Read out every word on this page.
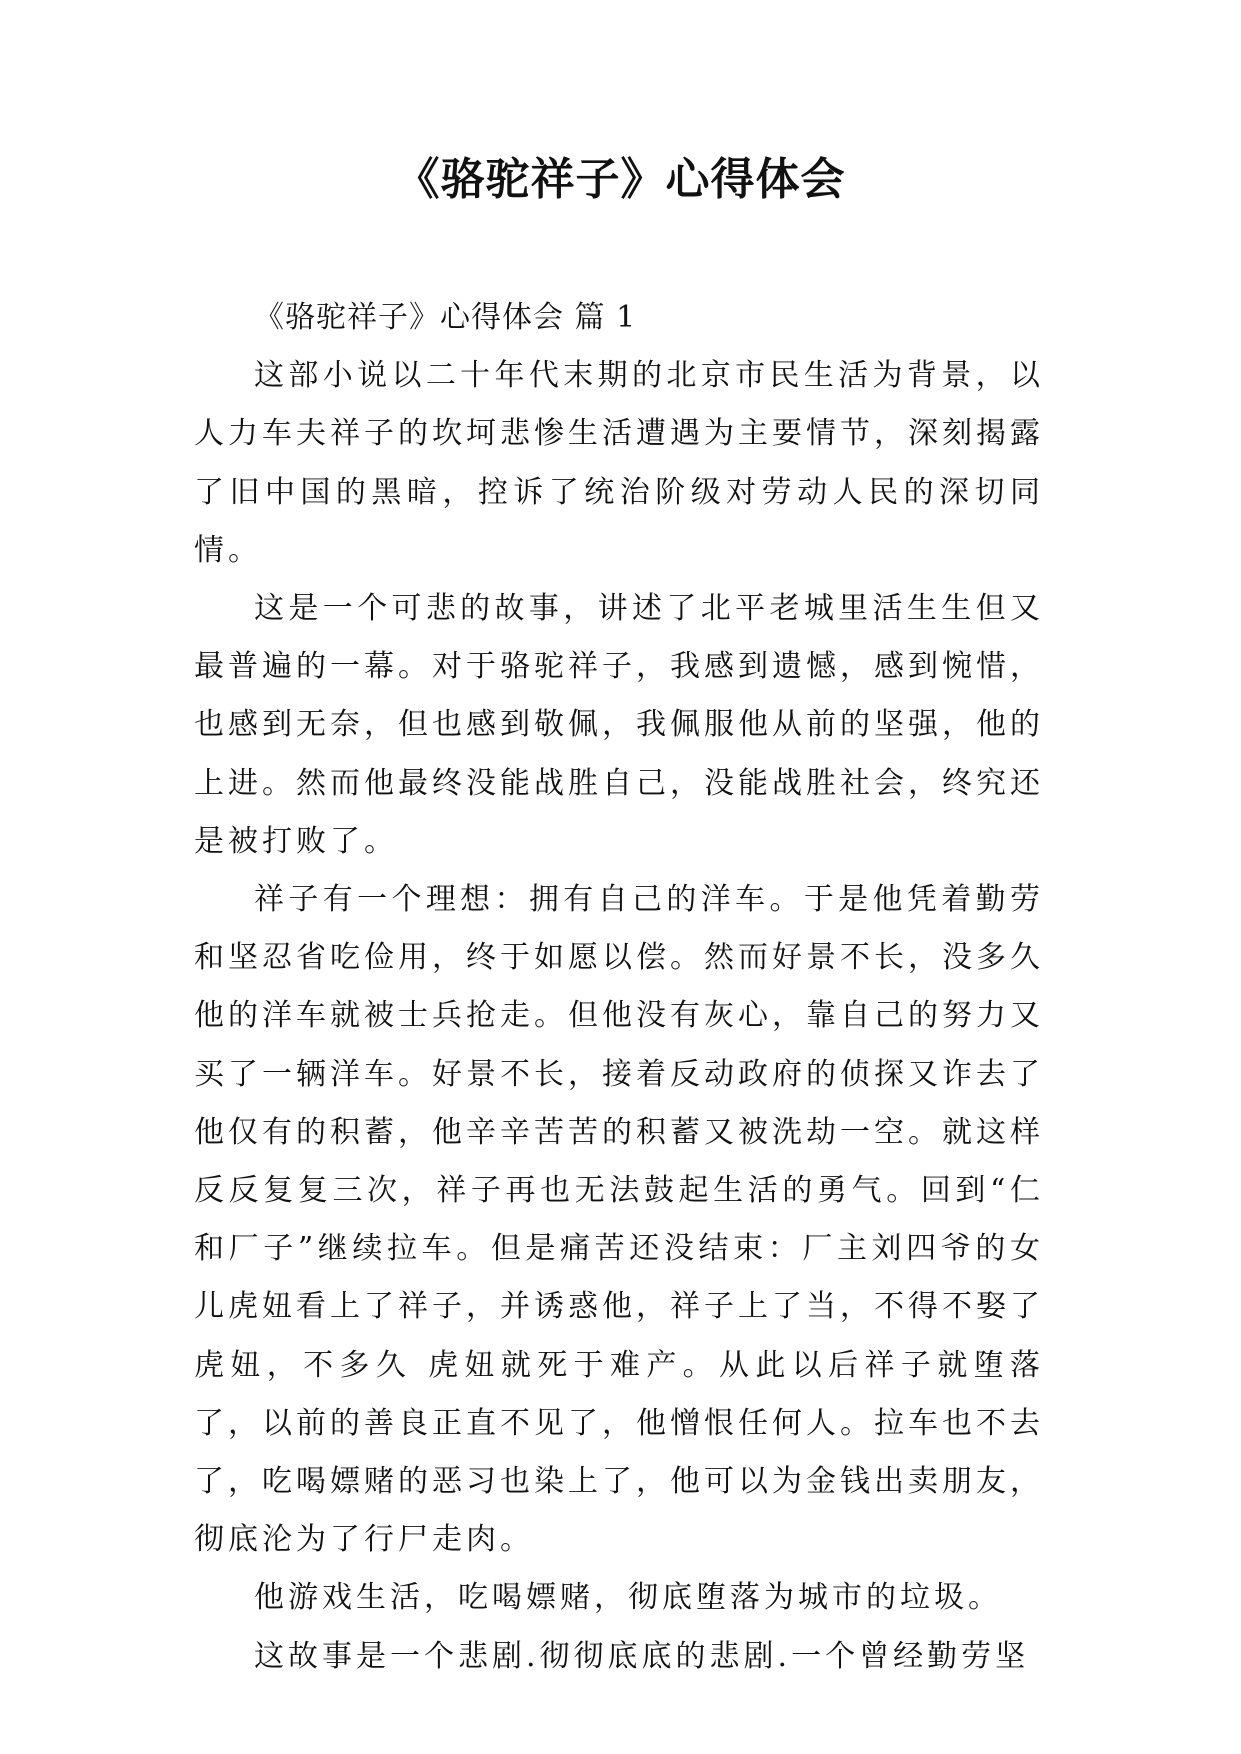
《骆驼祥子》心得体会

《骆驼祥子》心得体会 篇 1

这部小说以二十年代末期的北京市民生活为背景，以人力车夫祥子的坎坷悲惨生活遭遇为主要情节，深刻揭露了旧中国的黑暗，控诉了统治阶级对劳动人民的深切同情。

这是一个可悲的故事，讲述了北平老城里活生生但又最普遍的一幕。对于骆驼祥子，我感到遗憾，感到惋惜，也感到无奈，但也感到敬佩，我佩服他从前的坚强，他的上进。然而他最终没能战胜自己，没能战胜社会，终究还是被打败了。

祥子有一个理想：拥有自己的洋车。于是他凭着勤劳和坚忍省吃俭用，终于如愿以偿。然而好景不长，没多久他的洋车就被士兵抢走。但他没有灰心，靠自己的努力又买了一辆洋车。好景不长，接着反动政府的侦探又诈去了他仅有的积蓄，他辛辛苦苦的积蓄又被洗劫一空。就这样反反复复三次，祥子再也无法鼓起生活的勇气。回到“仁和厂子”继续拉车。但是痛苦还没结束：厂主刘四爷的女儿虎妞看上了祥子，并诱惑他，祥子上了当，不得不娶了虎妞，不多久 虎妞就死于难产。从此以后祥子就堕落了，以前的善良正直不见了，他憎恨任何人。拉车也不去了，吃喝嫖赌的恶习也染上了，他可以为金钱出卖朋友，彻底沦为了行尸走肉。

他游戏生活，吃喝嫖赌，彻底堕落为城市的垃圾。

这故事是一个悲剧.彻彻底底的悲剧.一个曾经勤劳坚
